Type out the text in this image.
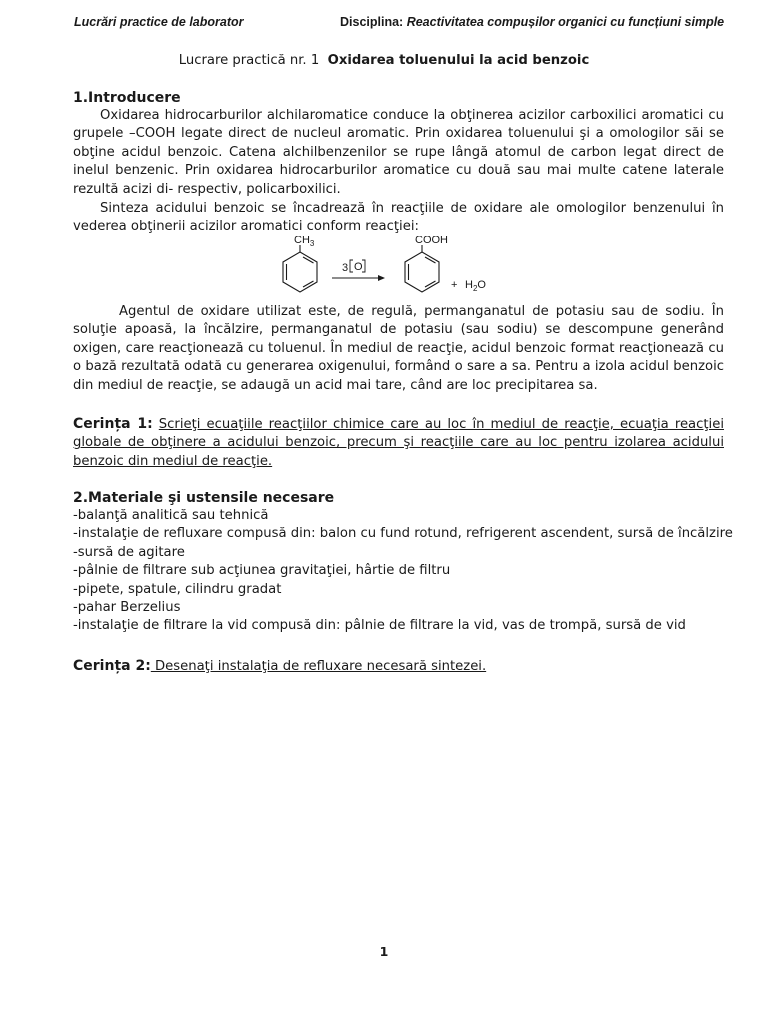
Lucrări practice de laborator	Disciplina: Reactivitatea compușilor organici cu funcțiuni simple
Lucrare practică nr. 1 Oxidarea toluenului la acid benzoic
1.Introducere
Oxidarea hidrocarburilor alchilaromatice conduce la obţinerea acizilor carboxilici aromatici cu grupele –COOH legate direct de nucleul aromatic. Prin oxidarea toluenului şi a omologilor săi se obţine acidul benzoic. Catena alchilbenzenilor se rupe lângă atomul de carbon legat direct de inelul benzenic. Prin oxidarea hidrocarburilor aromatice cu două sau mai multe catene laterale rezultă acizi di- respectiv, policarboxilici.
Sinteza acidului benzoic se încadrează în reacţiile de oxidare ale omologilor benzenului în vederea obţinerii acizilor aromatici conform reacţiei:
$CH_3$
3 O
COOH
+ $H_2O$
Agentul de oxidare utilizat este, de regulă, permanganatul de potasiu sau de sodiu. În soluţie apoasă, la încălzire, permanganatul de potasiu (sau sodiu) se descompune generând oxigen, care reacţionează cu toluenul. În mediul de reacţie, acidul benzoic format reacţionează cu o bază rezultată odată cu generarea oxigenului, formând o sare a sa. Pentru a izola acidul benzoic din mediul de reacţie, se adaugă un acid mai tare, când are loc precipitarea sa.
Cerința 1: Scrieţi ecuaţiile reacţiilor chimice care au loc în mediul de reacţie, ecuaţia reacţiei globale de obţinere a acidului benzoic, precum şi reacţiile care au loc pentru izolarea acidului benzoic din mediul de reacţie.
2.Materiale şi ustensile necesare
-balanţă analitică sau tehnică
-instalaţie de refluxare compusă din: balon cu fund rotund, refrigerent ascendent, sursă de încălzire
-sursă de agitare
-pâlnie de filtrare sub acţiunea gravitaţiei, hârtie de filtru
-pipete, spatule, cilindru gradat
-pahar Berzelius
-instalaţie de filtrare la vid compusă din: pâlnie de filtrare la vid, vas de trompă, sursă de vid
Cerința 2: Desenaţi instalaţia de refluxare necesară sintezei.
1
